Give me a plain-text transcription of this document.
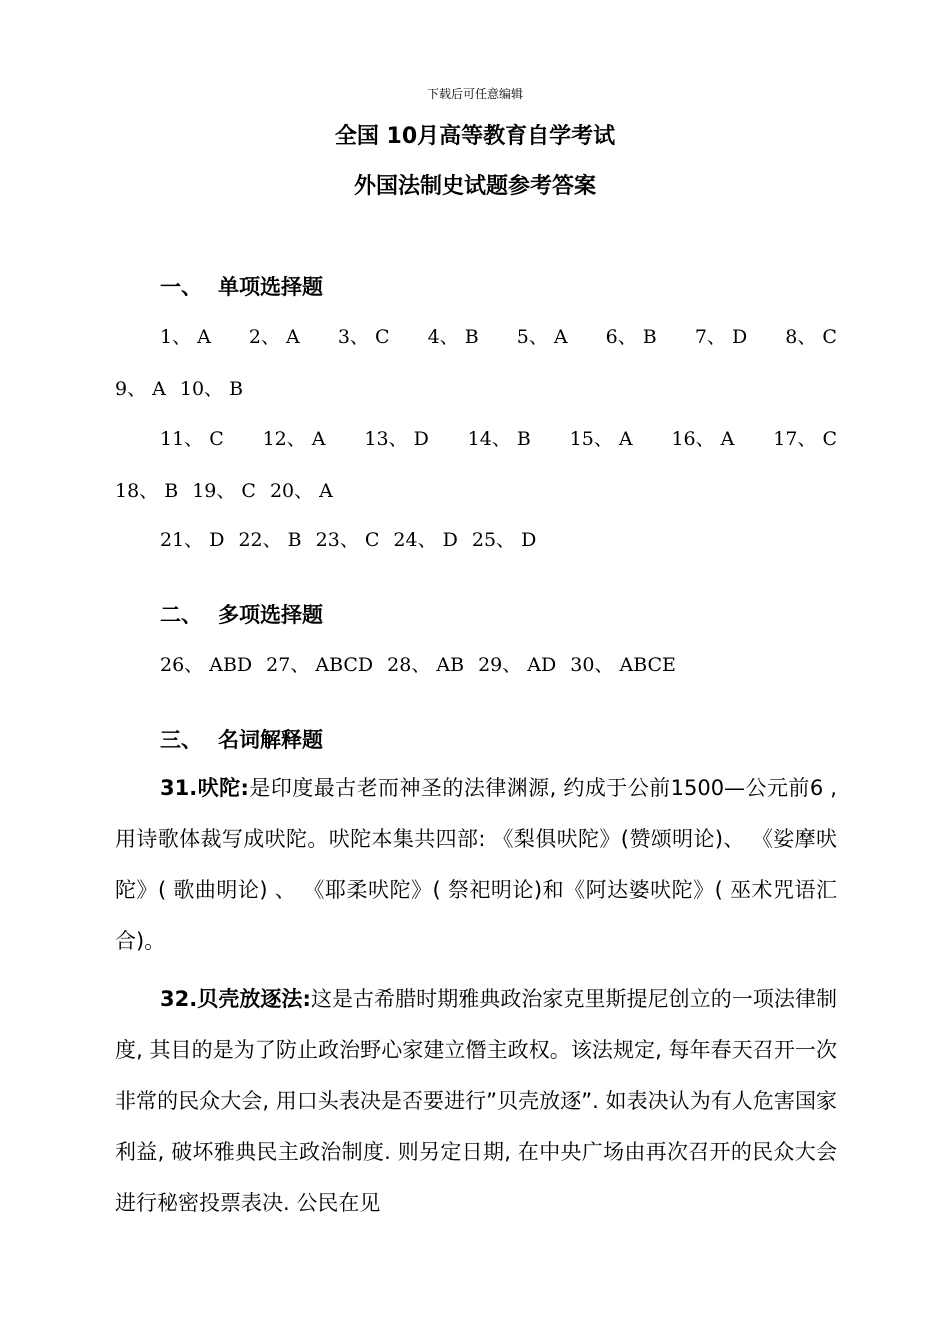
下载后可任意编辑
全国 10月高等教育自学考试
外国法制史试题参考答案
一、 单项选择题
1、 A 2、 A 3、 C 4、 B 5、 A 6、 B 7、 D 8、 C
9、 A 10、 B
11、 C 12、 A 13、 D 14、 B 15、 A 16、 A 17、 C
18、 B 19、 C 20、 A
21、 D 22、 B 23、 C 24、 D 25、 D
二、 多项选择题
26、 ABD 27、 ABCD 28、 AB 29、 AD 30、 ABCE
三、 名词解释题
31.吠陀:是印度最古老而神圣的法律渊源, 约成于公前1500—公元前6 , 用诗歌体裁写成吠陀。吠陀本集共四部: 《梨俱吠陀》(赞颂明论)、 《娑摩吠陀》( 歌曲明论) 、 《耶柔吠陀》( 祭祀明论)和《阿达婆吠陀》( 巫术咒语汇合)。
32.贝壳放逐法:这是古希腊时期雅典政治家克里斯提尼创立的一项法律制度, 其目的是为了防止政治野心家建立僭主政权。该法规定, 每年春天召开一次非常的民众大会, 用口头表决是否要进行”贝壳放逐”. 如表决认为有人危害国家利益, 破坏雅典民主政治制度. 则另定日期, 在中央广场由再次召开的民众大会进行秘密投票表决. 公民在见
